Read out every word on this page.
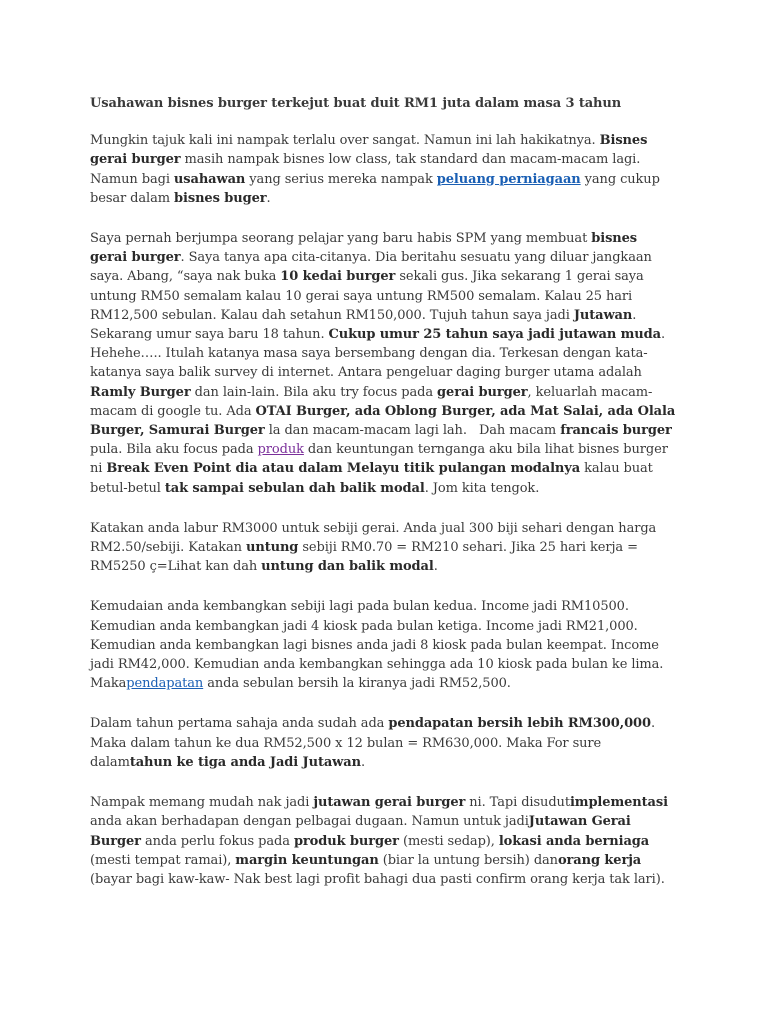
Usahawan bisnes burger terkejut buat duit RM1 juta dalam masa 3 tahun

Mungkin tajuk kali ini nampak terlalu over sangat. Namun ini lah hakikatnya. Bisnes gerai burger masih nampak bisnes low class, tak standard dan macam-macam lagi. Namun bagi usahawan yang serius mereka nampak peluang perniagaan yang cukup besar dalam bisnes buger.

Saya pernah berjumpa seorang pelajar yang baru habis SPM yang membuat bisnes gerai burger. Saya tanya apa cita-citanya. Dia beritahu sesuatu yang diluar jangkaan saya. Abang, “saya nak buka 10 kedai burger sekali gus. Jika sekarang 1 gerai saya untung RM50 semalam kalau 10 gerai saya untung RM500 semalam. Kalau 25 hari RM12,500 sebulan. Kalau dah setahun RM150,000. Tujuh tahun saya jadi Jutawan. Sekarang umur saya baru 18 tahun. Cukup umur 25 tahun saya jadi jutawan muda. Hehehe….. Itulah katanya masa saya bersembang dengan dia. Terkesan dengan kata-katanya saya balik survey di internet. Antara pengeluar daging burger utama adalah Ramly Burger dan lain-lain. Bila aku try focus pada gerai burger, keluarlah macam-macam di google tu. Ada OTAI Burger, ada Oblong Burger, ada Mat Salai, ada Olala Burger, Samurai Burger la dan macam-macam lagi lah.   Dah macam francais burger pula. Bila aku focus pada produk dan keuntungan ternganga aku bila lihat bisnes burger ni Break Even Point dia atau dalam Melayu titik pulangan modalnya kalau buat betul-betul tak sampai sebulan dah balik modal. Jom kita tengok.

Katakan anda labur RM3000 untuk sebiji gerai. Anda jual 300 biji sehari dengan harga RM2.50/sebiji. Katakan untung sebiji RM0.70 = RM210 sehari. Jika 25 hari kerja = RM5250 ç=Lihat kan dah untung dan balik modal.

Kemudaian anda kembangkan sebiji lagi pada bulan kedua. Income jadi RM10500. Kemudian anda kembangkan jadi 4 kiosk pada bulan ketiga. Income jadi RM21,000. Kemudian anda kembangkan lagi bisnes anda jadi 8 kiosk pada bulan keempat. Income jadi RM42,000. Kemudian anda kembangkan sehingga ada 10 kiosk pada bulan ke lima. Makapendapatan anda sebulan bersih la kiranya jadi RM52,500.

Dalam tahun pertama sahaja anda sudah ada pendapatan bersih lebih RM300,000. Maka dalam tahun ke dua RM52,500 x 12 bulan = RM630,000. Maka For sure dalamtahun ke tiga anda Jadi Jutawan.

Nampak memang mudah nak jadi jutawan gerai burger ni. Tapi disudutimplementasi anda akan berhadapan dengan pelbagai dugaan. Namun untuk jadiJutawan Gerai Burger anda perlu fokus pada produk burger (mesti sedap), lokasi anda berniaga (mesti tempat ramai), margin keuntungan (biar la untung bersih) danorang kerja (bayar bagi kaw-kaw- Nak best lagi profit bahagi dua pasti confirm orang kerja tak lari).
